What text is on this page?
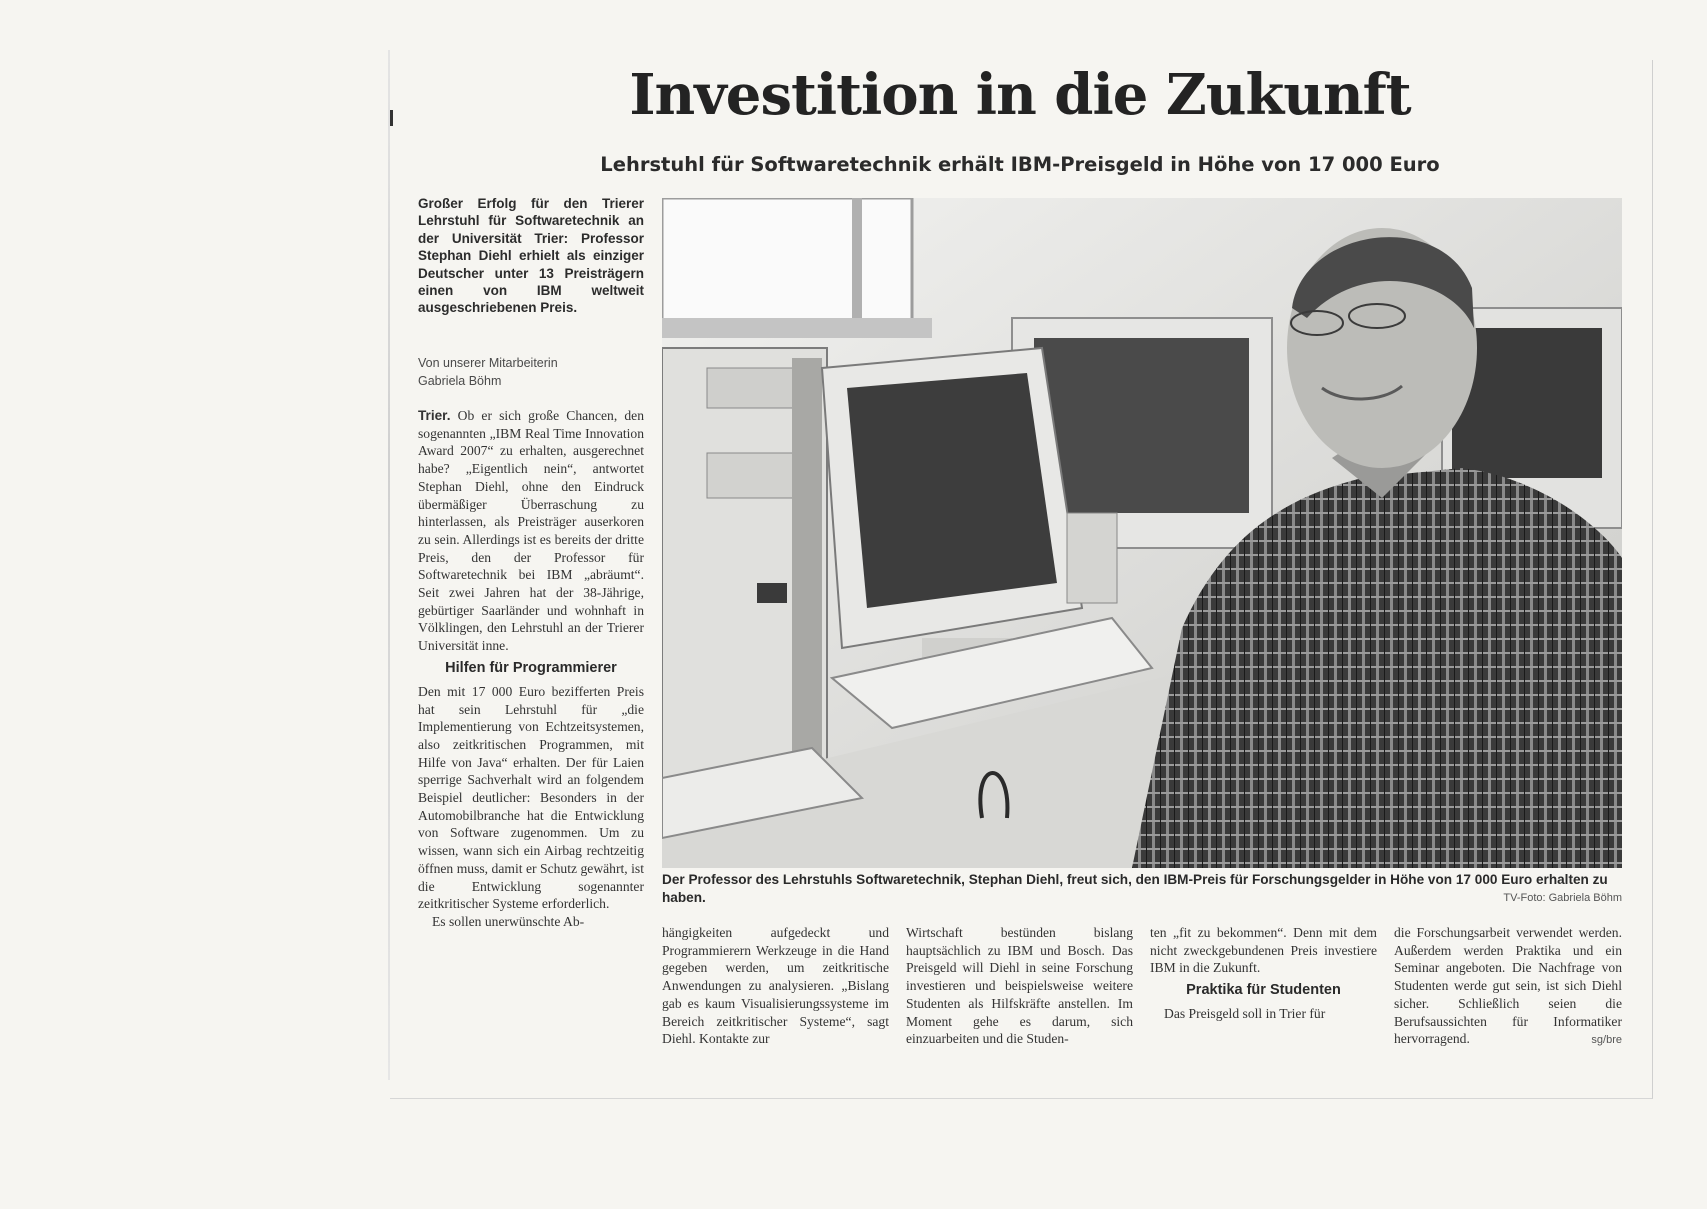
Investition in die Zukunft
Lehrstuhl für Softwaretechnik erhält IBM-Preisgeld in Höhe von 17 000 Euro

Großer Erfolg für den Trierer Lehrstuhl für Softwaretechnik an der Universität Trier: Professor Stephan Diehl erhielt als einziger Deutscher unter 13 Preisträgern einen von IBM weltweit ausgeschriebenen Preis.

Von unserer Mitarbeiterin
Gabriela Böhm

Trier. Ob er sich große Chancen, den sogenannten „IBM Real Time Innovation Award 2007“ zu erhalten, ausgerechnet habe? „Eigentlich nein“, antwortet Stephan Diehl, ohne den Eindruck übermäßiger Überraschung zu hinterlassen, als Preisträger auserkoren zu sein. Allerdings ist es bereits der dritte Preis, den der Professor für Softwaretechnik bei IBM „abräumt“. Seit zwei Jahren hat der 38-Jährige, gebürtiger Saarländer und wohnhaft in Völklingen, den Lehrstuhl an der Trierer Universität inne.

Hilfen für Programmierer

Den mit 17 000 Euro bezifferten Preis hat sein Lehrstuhl für „die Implementierung von Echtzeitsystemen, also zeitkritischen Programmen, mit Hilfe von Java“ erhalten. Der für Laien sperrige Sachverhalt wird an folgendem Beispiel deutlicher: Besonders in der Automobilbranche hat die Entwicklung von Software zugenommen. Um zu wissen, wann sich ein Airbag rechtzeitig öffnen muss, damit er Schutz gewährt, ist die Entwicklung sogenannter zeitkritischer Systeme erforderlich.

Es sollen unerwünschte Ab-

Der Professor des Lehrstuhls Softwaretechnik, Stephan Diehl, freut sich, den IBM-Preis für Forschungsgelder in Höhe von 17 000 Euro erhalten zu haben.	TV-Foto: Gabriela Böhm

hängigkeiten aufgedeckt und Programmierern Werkzeuge in die Hand gegeben werden, um zeitkritische Anwendungen zu analysieren. „Bislang gab es kaum Visualisierungssysteme im Bereich zeitkritischer Systeme“, sagt Diehl. Kontakte zur

Wirtschaft bestünden bislang hauptsächlich zu IBM und Bosch. Das Preisgeld will Diehl in seine Forschung investieren und beispielsweise weitere Studenten als Hilfskräfte anstellen. Im Moment gehe es darum, sich einzuarbeiten und die Studen-

ten „fit zu bekommen“. Denn mit dem nicht zweckgebundenen Preis investiere IBM in die Zukunft.

Praktika für Studenten

Das Preisgeld soll in Trier für

die Forschungsarbeit verwendet werden. Außerdem werden Praktika und ein Seminar angeboten. Die Nachfrage von Studenten werde gut sein, ist sich Diehl sicher. Schließlich seien die Berufsaussichten für Informatiker hervorragend.	sg/bre
